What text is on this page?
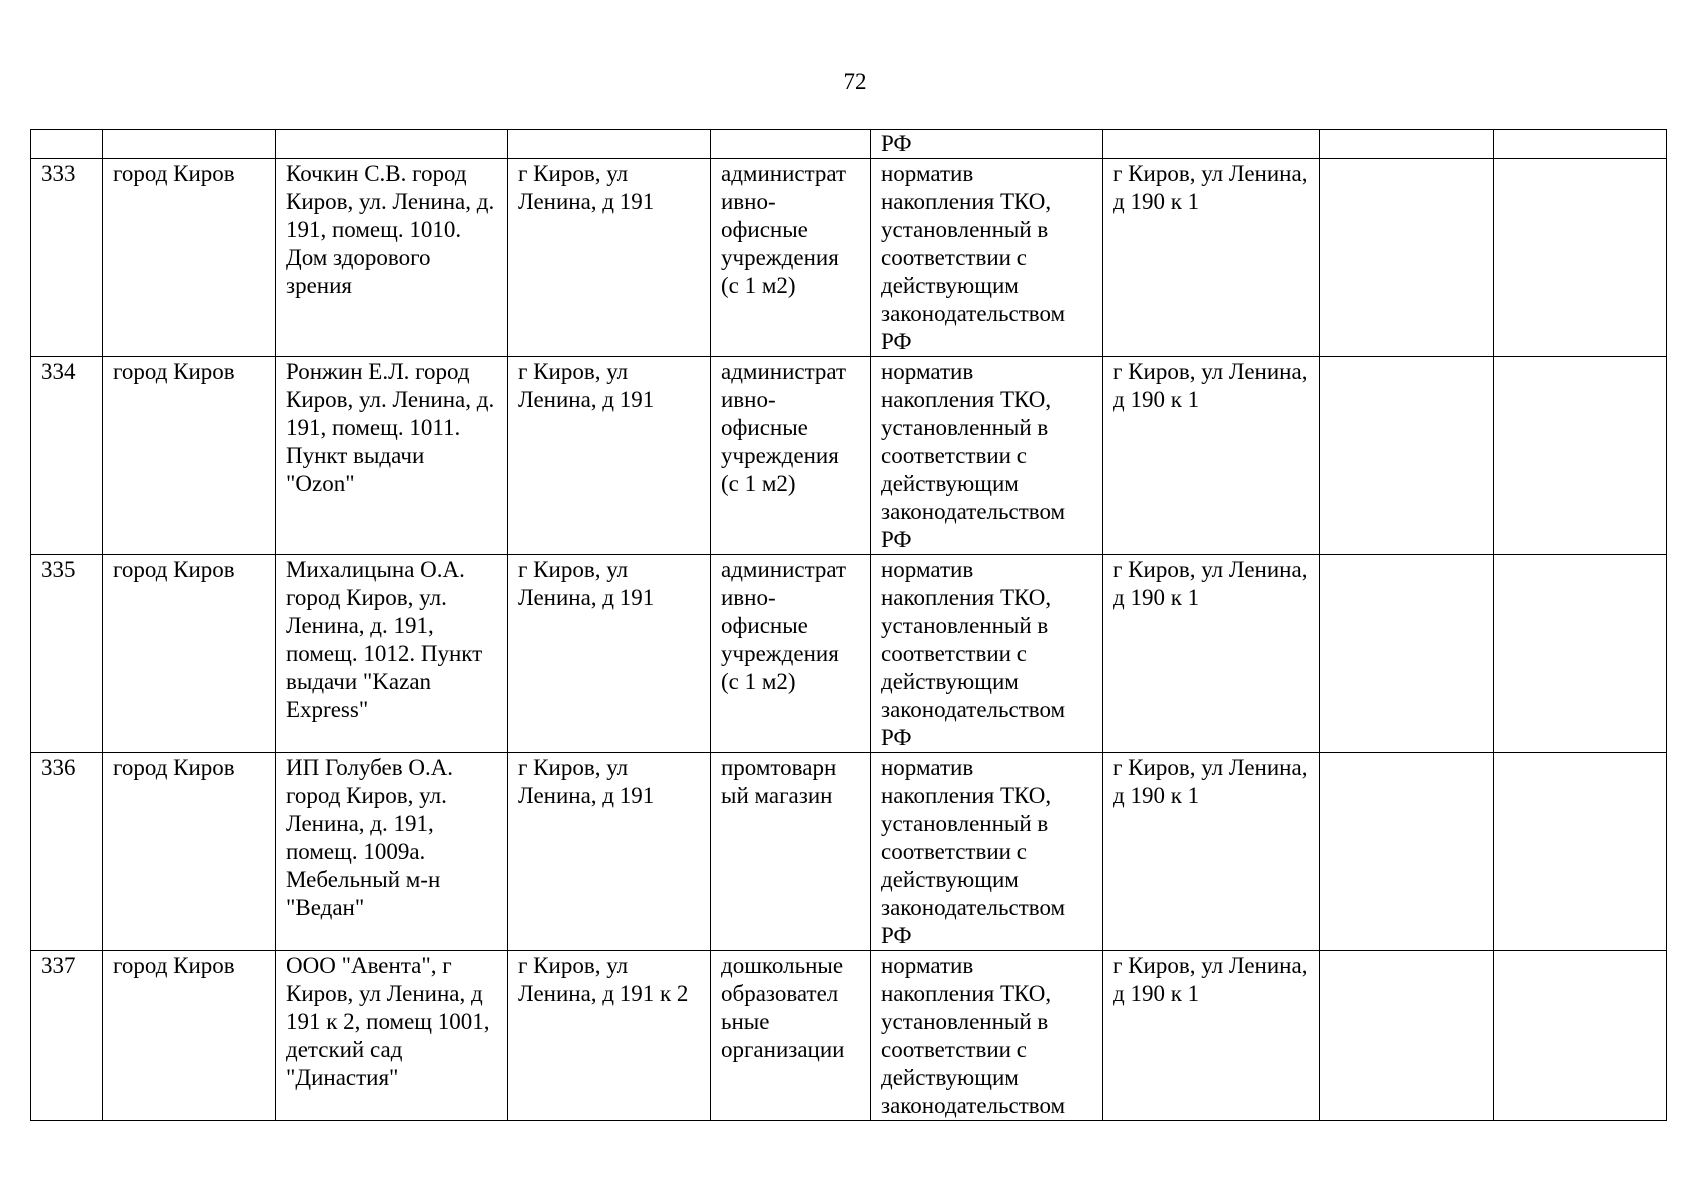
72
					РФ			
333	город Киров	Кочкин С.В. город Киров, ул. Ленина, д. 191, помещ. 1010. Дом здорового зрения	г Киров, ул Ленина, д 191	администрат ивно- офисные учреждения (с 1 м2)	норматив накопления ТКО, установленный в соответствии с действующим законодательством РФ	г Киров, ул Ленина, д 190 к 1		
334	город Киров	Ронжин Е.Л. город Киров, ул. Ленина, д. 191, помещ. 1011. Пункт выдачи "Ozon"	г Киров, ул Ленина, д 191	администрат ивно- офисные учреждения (с 1 м2)	норматив накопления ТКО, установленный в соответствии с действующим законодательством РФ	г Киров, ул Ленина, д 190 к 1		
335	город Киров	Михалицына О.А. город Киров, ул. Ленина, д. 191, помещ. 1012. Пункт выдачи "Kazan Express"	г Киров, ул Ленина, д 191	администрат ивно- офисные учреждения (с 1 м2)	норматив накопления ТКО, установленный в соответствии с действующим законодательством РФ	г Киров, ул Ленина, д 190 к 1		
336	город Киров	ИП Голубев О.А. город Киров, ул. Ленина, д. 191, помещ. 1009а. Мебельный м-н "Ведан"	г Киров, ул Ленина, д 191	промтоварн ый магазин	норматив накопления ТКО, установленный в соответствии с действующим законодательством РФ	г Киров, ул Ленина, д 190 к 1		
337	город Киров	ООО "Авента", г Киров, ул Ленина, д 191 к 2, помещ 1001, детский сад "Династия"	г Киров, ул Ленина, д 191 к 2	дошкольные образовател ьные организации	норматив накопления ТКО, установленный в соответствии с действующим законодательством	г Киров, ул Ленина, д 190 к 1		
